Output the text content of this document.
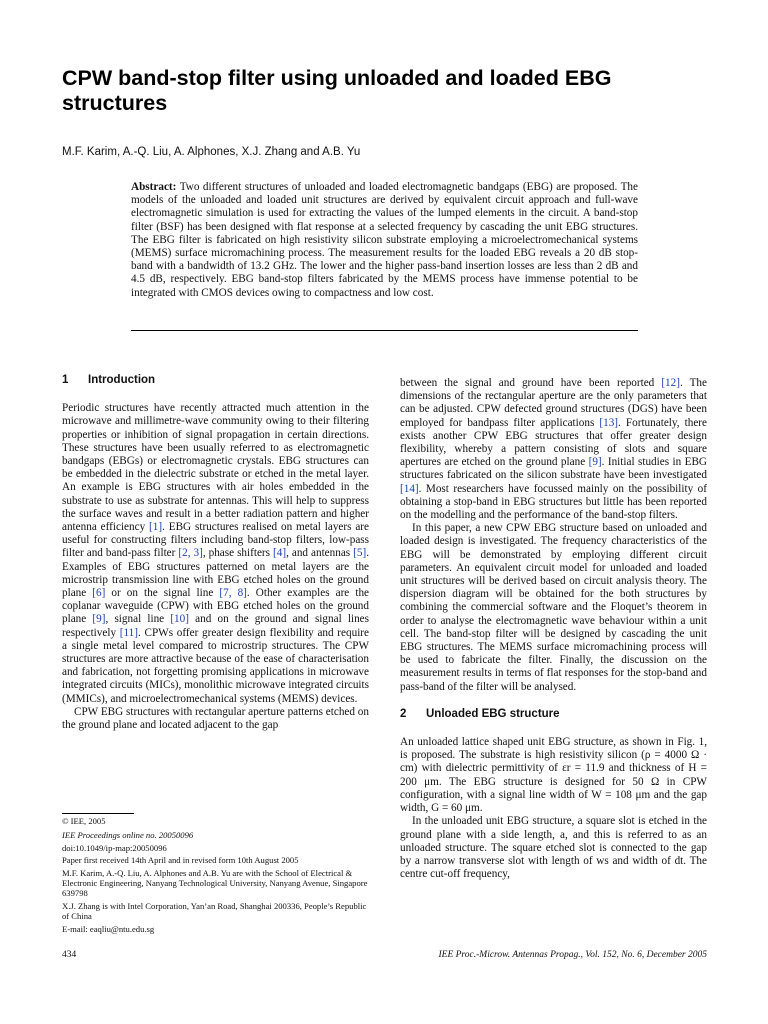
CPW band-stop filter using unloaded and loaded EBG structures

M.F. Karim, A.-Q. Liu, A. Alphones, X.J. Zhang and A.B. Yu

Abstract: Two different structures of unloaded and loaded electromagnetic bandgaps (EBG) are proposed. The models of the unloaded and loaded unit structures are derived by equivalent circuit approach and full-wave electromagnetic simulation is used for extracting the values of the lumped elements in the circuit. A band-stop filter (BSF) has been designed with flat response at a selected frequency by cascading the unit EBG structures. The EBG filter is fabricated on high resistivity silicon substrate employing a microelectromechanical systems (MEMS) surface micromachining process. The measurement results for the loaded EBG reveals a 20 dB stop-band with a bandwidth of 13.2 GHz. The lower and the higher pass-band insertion losses are less than 2 dB and 4.5 dB, respectively. EBG band-stop filters fabricated by the MEMS process have immense potential to be integrated with CMOS devices owing to compactness and low cost.

1 Introduction

Periodic structures have recently attracted much attention in the microwave and millimetre-wave community owing to their filtering properties or inhibition of signal propagation in certain directions. These structures have been usually referred to as electromagnetic bandgaps (EBGs) or electromagnetic crystals. EBG structures can be embedded in the dielectric substrate or etched in the metal layer. An example is EBG structures with air holes embedded in the substrate to use as substrate for antennas. This will help to suppress the surface waves and result in a better radiation pattern and higher antenna efficiency [1]. EBG structures realised on metal layers are useful for constructing filters including band-stop filters, low-pass filter and band-pass filter [2, 3], phase shifters [4], and antennas [5]. Examples of EBG structures patterned on metal layers are the microstrip transmission line with EBG etched holes on the ground plane [6] or on the signal line [7, 8]. Other examples are the coplanar waveguide (CPW) with EBG etched holes on the ground plane [9], signal line [10] and on the ground and signal lines respectively [11]. CPWs offer greater design flexibility and require a single metal level compared to microstrip structures. The CPW structures are more attractive because of the ease of characterisation and fabrication, not forgetting promising applications in microwave integrated circuits (MICs), monolithic microwave integrated circuits (MMICs), and microelectromechanical systems (MEMS) devices.

CPW EBG structures with rectangular aperture patterns etched on the ground plane and located adjacent to the gap

© IEE, 2005

IEE Proceedings online no. 20050096

doi:10.1049/ip-map:20050096

Paper first received 14th April and in revised form 10th August 2005

M.F. Karim, A.-Q. Liu, A. Alphones and A.B. Yu are with the School of Electrical & Electronic Engineering, Nanyang Technological University, Nanyang Avenue, Singapore 639798

X.J. Zhang is with Intel Corporation, Yan’an Road, Shanghai 200336, People’s Republic of China

E-mail: eaqliu@ntu.edu.sg

between the signal and ground have been reported [12]. The dimensions of the rectangular aperture are the only parameters that can be adjusted. CPW defected ground structures (DGS) have been employed for bandpass filter applications [13]. Fortunately, there exists another CPW EBG structures that offer greater design flexibility, whereby a pattern consisting of slots and square apertures are etched on the ground plane [9]. Initial studies in EBG structures fabricated on the silicon substrate have been investigated [14]. Most researchers have focussed mainly on the possibility of obtaining a stop-band in EBG structures but little has been reported on the modelling and the performance of the band-stop filters.

In this paper, a new CPW EBG structure based on unloaded and loaded design is investigated. The frequency characteristics of the EBG will be demonstrated by employing different circuit parameters. An equivalent circuit model for unloaded and loaded unit structures will be derived based on circuit analysis theory. The dispersion diagram will be obtained for the both structures by combining the commercial software and the Floquet’s theorem in order to analyse the electromagnetic wave behaviour within a unit cell. The band-stop filter will be designed by cascading the unit EBG structures. The MEMS surface micromachining process will be used to fabricate the filter. Finally, the discussion on the measurement results in terms of flat responses for the stop-band and pass-band of the filter will be analysed.

2 Unloaded EBG structure

An unloaded lattice shaped unit EBG structure, as shown in Fig. 1, is proposed. The substrate is high resistivity silicon (ρ = 4000 Ω · cm) with dielectric permittivity of εr = 11.9 and thickness of H = 200 μm. The EBG structure is designed for 50 Ω in CPW configuration, with a signal line width of W = 108 μm and the gap width, G = 60 μm.

In the unloaded unit EBG structure, a square slot is etched in the ground plane with a side length, a, and this is referred to as an unloaded structure. The square etched slot is connected to the gap by a narrow transverse slot with length of ws and width of dt. The centre cut-off frequency,

434	IEE Proc.-Microw. Antennas Propag., Vol. 152, No. 6, December 2005
